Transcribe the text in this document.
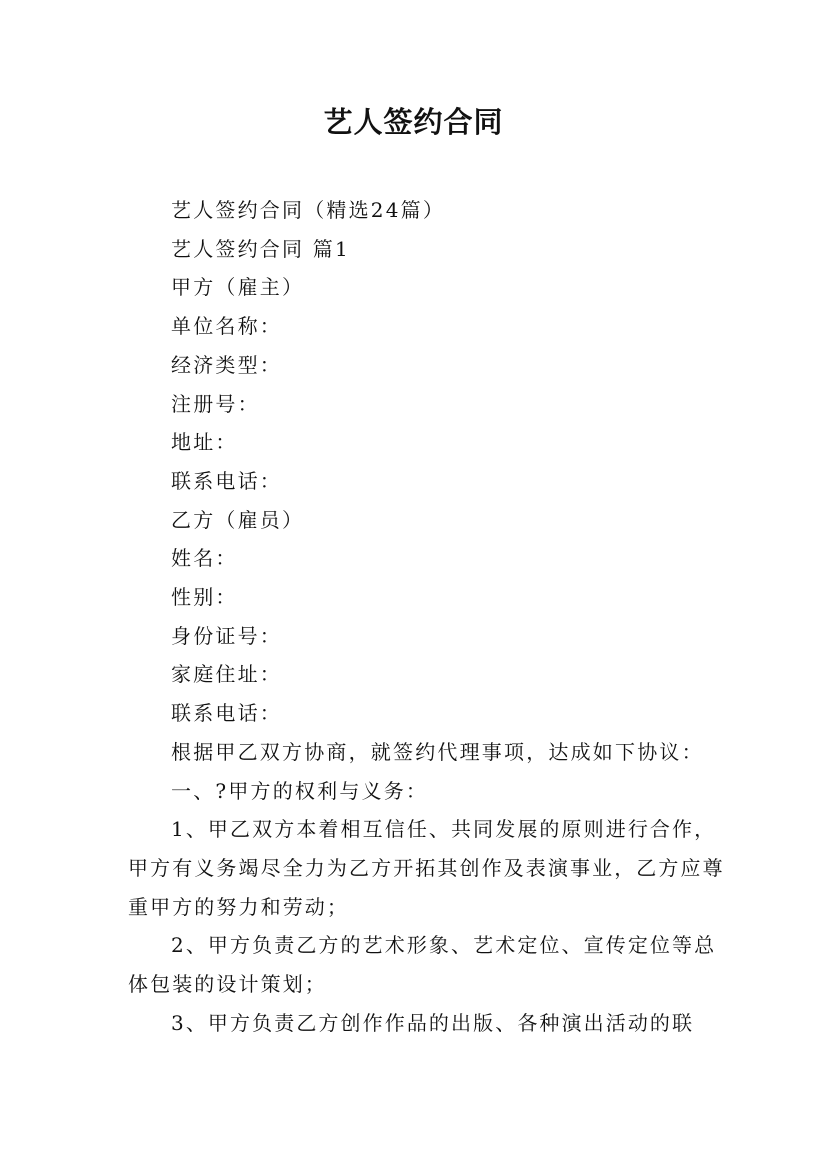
艺人签约合同

艺人签约合同（精选24篇）

艺人签约合同 篇1

甲方（雇主）

单位名称：

经济类型：

注册号：

地址：

联系电话：

乙方（雇员）

姓名：

性别：

身份证号：

家庭住址：

联系电话：

根据甲乙双方协商，就签约代理事项，达成如下协议：

一、?甲方的权利与义务：

1、甲乙双方本着相互信任、共同发展的原则进行合作，甲方有义务竭尽全力为乙方开拓其创作及表演事业，乙方应尊重甲方的努力和劳动；

2、甲方负责乙方的艺术形象、艺术定位、宣传定位等总体包装的设计策划；

3、甲方负责乙方创作作品的出版、各种演出活动的联
